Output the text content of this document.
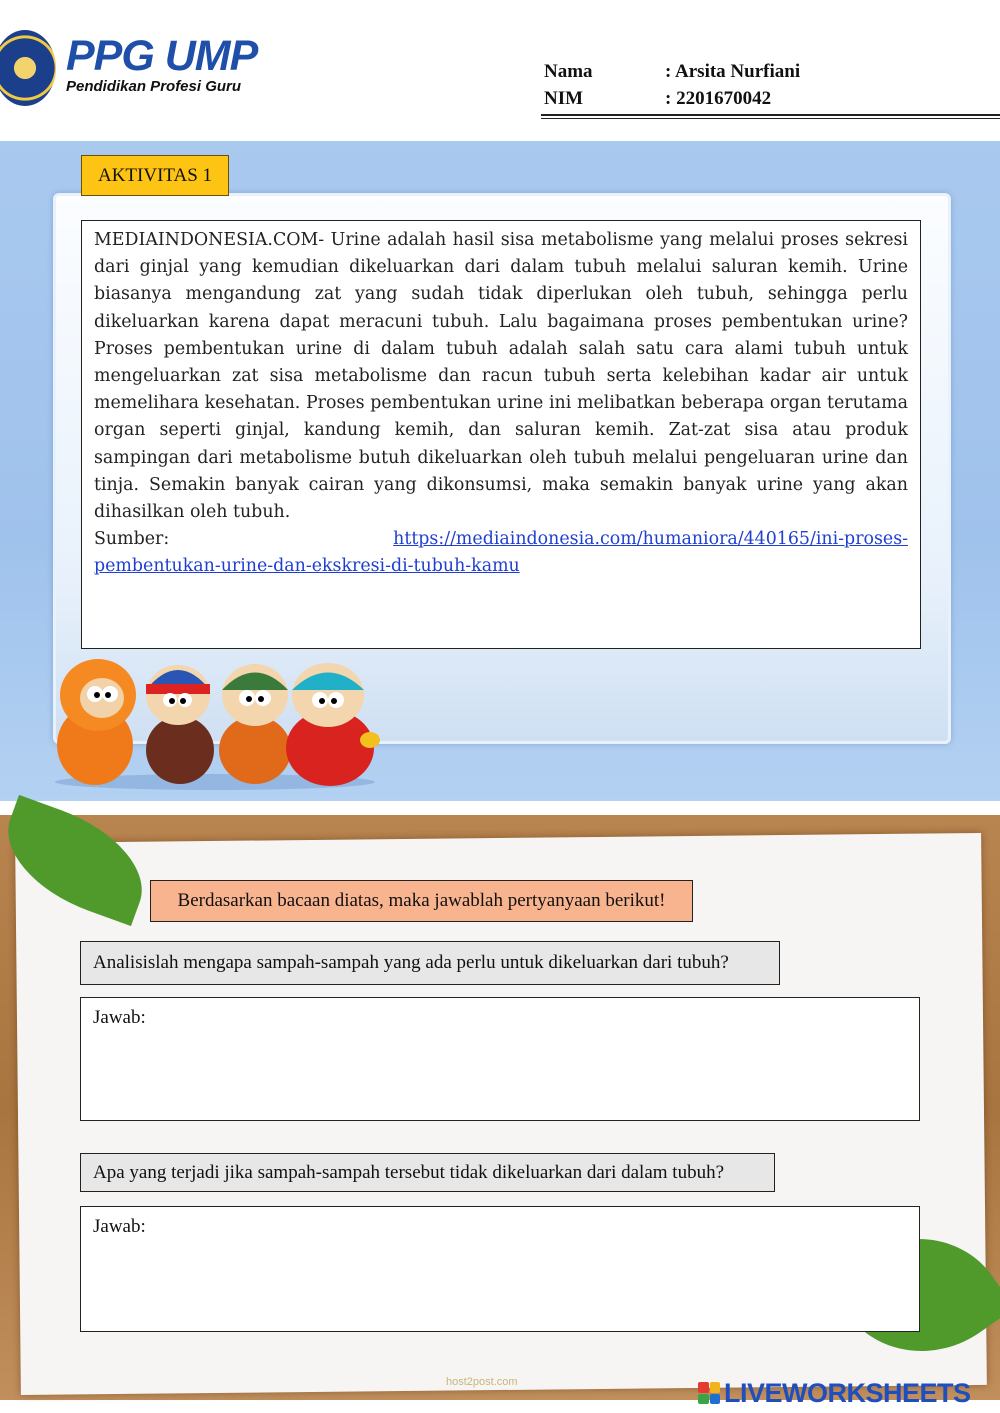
PPG UMP
Pendidikan Profesi Guru
Nama	: Arsita Nurfiani
NIM	: 2201670042
AKTIVITAS 1
MEDIAINDONESIA.COM- Urine adalah hasil sisa metabolisme yang melalui proses sekresi dari ginjal yang kemudian dikeluarkan dari dalam tubuh melalui saluran kemih. Urine biasanya mengandung zat yang sudah tidak diperlukan oleh tubuh, sehingga perlu dikeluarkan karena dapat meracuni tubuh. Lalu bagaimana proses pembentukan urine? Proses pembentukan urine di dalam tubuh adalah salah satu cara alami tubuh untuk mengeluarkan zat sisa metabolisme dan racun tubuh serta kelebihan kadar air untuk memelihara kesehatan. Proses pembentukan urine ini melibatkan beberapa organ terutama organ seperti ginjal, kandung kemih, dan saluran kemih. Zat-zat sisa atau produk sampingan dari metabolisme butuh dikeluarkan oleh tubuh melalui pengeluaran urine dan tinja. Semakin banyak cairan yang dikonsumsi, maka semakin banyak urine yang akan dihasilkan oleh tubuh.
Sumber:	https://mediaindonesia.com/humaniora/440165/ini-proses-
pembentukan-urine-dan-ekskresi-di-tubuh-kamu
Berdasarkan bacaan diatas, maka jawablah pertyanyaan berikut!
Analisislah mengapa sampah-sampah yang ada perlu untuk dikeluarkan dari tubuh?
Jawab:
Apa yang terjadi jika sampah-sampah tersebut tidak dikeluarkan dari dalam tubuh?
Jawab:
host2post.com	LIVEWORKSHEETS
